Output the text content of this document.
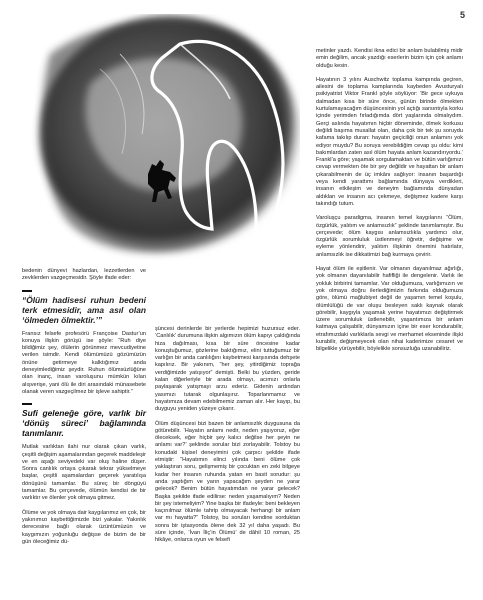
5

bedenin dünyevi hazlardan, lezzetlerden ve zevklerden vazgeçmesidir. Şöyle ifade eder:

“Ölüm hadisesi ruhun bedeni terk etmesidir, ama asıl olan ‘ölmeden ölmektir.’”

Fransız felsefe profesörü Françoise Dastur’un konuya ilişkin görüşü ise şöyle: “Ruh diye bildiğimiz şey, ölülerin görünmez mevcudiyetine verilen isimdir. Kendi ölümümüzü gözümüzün önüne getirmeye kalktığımız anda deneyimlediğimiz şeydir. Ruhun ölümsüzlüğüne olan inanç, insan varoluşunu mümkün kılan alışverişe, yani ölü ile diri arasındaki münasebete olanak veren vazgeçilmez bir işleve sahiptir.”

Sufi geleneğe göre, varlık bir ‘dönüş süreci’ bağlamında tanımlanır.

Mutlak varlıktan ilahi nur olarak çıkan varlık, çeşitli değişim aşamalarından geçerek maddeleşir ve en aşağı seviyedeki var oluş haline düşer. Sonra canlılık ortaya çıkarak tekrar yükselmeye başlar, çeşitli aşamalardan geçerek yaratılışa dönüşünü tamamlar. Bu süreç bir döngüyü tamamlar. Bu çerçevede, ölümün kendisi de bir varlıktır ve ölenler yok olmaya gitmez.

Ölüme ve yok olmaya dair kaygılarımız en çok, bir yakınımızı kaybettiğimizde bizi yakalar. Yakınlık derecesine bağlı olarak üzüntümüzün ve kaygımızın yoğunluğu değişse de bizim de bir gün öleceğimiz dü-

şüncesi derinlerde bir yerlerde hepimizi huzursuz eder. ‘Canlılık’ durumuna ilişkin algımızın ölüm kapıyı çaldığında hiza dağılması, kısa bir süre öncesine kadar konuştuğumuz, gözlerine baktığımız, elini tuttuğumuz bir varlığın bir anda canlılığını kaybetmesi karşısında dehşete kapılırız. Bir yakınım, “her şey, yitirdiğimiz toprağa verdiğimizde yatışıyor” demişti. Belki bu yüzden, geride kalan diğerleriyle bir arada olmayı, acımızı onlarla paylaşarak yatışmayı arzu ederiz. Gidenin ardından yasımızı tutarak olgunlaşırız. Toparlanmamız ve hayatımıza devam edebilmemiz zaman alır. Her kayıp, bu duyguyu yeniden yüzeye çıkarır.

Ölüm düşüncesi bizi bazen bir anlamsızlık duygusuna da götürebilir. ‘Hayatın anlamı nedir, neden yaşıyoruz, eğer öleceksek, eğer hiçbir şey kalıcı değilse her şeyin ne anlamı var?’ şeklinde sorular bizi zorlayabilir. Tolstoy bu konudaki kişisel deneyimini çok çarpıcı şekilde ifade etmiştir: “Hayatımın elinci yılında beni ölüme çok yaklaştıran soru, gelişmemiş bir çocuktan en zeki bilgeye kadar her insanın ruhunda yatan en basit sorudur: şu anda yaptığım ve yarın yapacağım şeyden ne yarar gelecek? Benim bütün hayatımdan ne yarar gelecek? Başka şekilde ifade edilirse: neden yaşamalıyım? Neden bir şey istemeliyim? Yine başka bir ifadeyle: beni bekleyen kaçınılmaz ölümle tahrip olmayacak herhangi bir anlam var mı hayatta?” Tolstoy, bu soruları kendine sorduktan sonra bir iştasyonda ölene dek 32 yıl daha yaşadı. Bu süre içinde, ‘İvan İliç’in Ölümü’ de dâhil 10 roman, 25 hikâye, onlarca oyun ve felsefi

metinler yazdı. Kendisi ikna edici bir anlam bulabilmiş midir emin değilim, ancak yazdığı eserlerin bizim için çok anlamı olduğu kesin.

Hayatının 3 yılını Auschwitz toplama kampında geçiren, ailesini de toplama kamplarında kaybeden Avusturyalı psikiyatrist Viktor Frankl şöyle söylüyor: ‘Bir gece uykuya dalmadan kısa bir süre önce, günün birinde ölmekten kurtulamayacağım düşüncesinin yol açtığı sarsıntıyla korku içinde yerimden fırladığımda dört yaşlarında olmalıydım. Gerçi aslında hayatımın hiçbir döneminde, ölmek korkusu değildi başıma musallat olan, daha çok bir tek şu soruydu kafama takılıp duran: hayatın geçiciliği onun anlamını yok ediyor muydu? Bu soruya verebildiğim cevap şu oldu: kimi bakımlardan zaten asıl ölüm hayata anlam kazandırıyordu.’ Frankl’a göre; yaşamak sorgulamaktan ve bütün varlığımızı cevap vermekten öte bir şey değildir ve hayattan bir anlam çıkarabilmenin de üç imkânı sağlıyor: insanın başardığı veya kendi yarattımı bağlamında dünyaya verdikleri, insanın etkileşim ve deneyim bağlamında dünyadan aldıkları ve insanın acı çekmeye, değişmez kadere karşı takındığı tutum.

Varoluşçu paradigma, insanın temel kaygılarını “Ölüm, özgürlük, yalıtım ve anlamsızlık” şeklinde tanımlamıştır. Bu çerçevede; ölüm kaygısı anlamsızlıkla yardımcı olur, özgürlük sorumluluk üstlenmeyi öğretir, değişime ve eylemе yönlendirir, yalıtım ilişkinin önemini hatırlatır, anlamsızlık ise dikkatimizi bağ kurmaya çevirir.

Hayat ölüm ile eşitlenir. Var olmanın dayanılmaz ağırlığı, yok olmanın dayanılabilir hafifliği ile dengelenir. Varlık ile yokluk birbirini tamamlar. Var olduğumuza, varlığımızın ve yok olmaya doğru ilerlediğimizin farkında olduğumuza göre, ölümü mağlubiyet değil de yaşamın temel koşulu, ölümlülüğü de var oluşu besleyen saklı kaynak olarak görebilir, kaygıyla yaşamak yerine hayatımızı değiştirmek üzere sorumluluk üstlenebilir, yaşantımıza bir anlam katmaya çalışabilir, dünyamızın içine bir eser kondurabilir, etrafımızdaki varlıklarla sevgi ve merhamet ekseninde ilişki kurabilir, değişmeyecek olan nihai kaderimize cesaret ve bilgelikle yürüyebilir, böylelikle sonsuzluğa uzanabiliriz.
